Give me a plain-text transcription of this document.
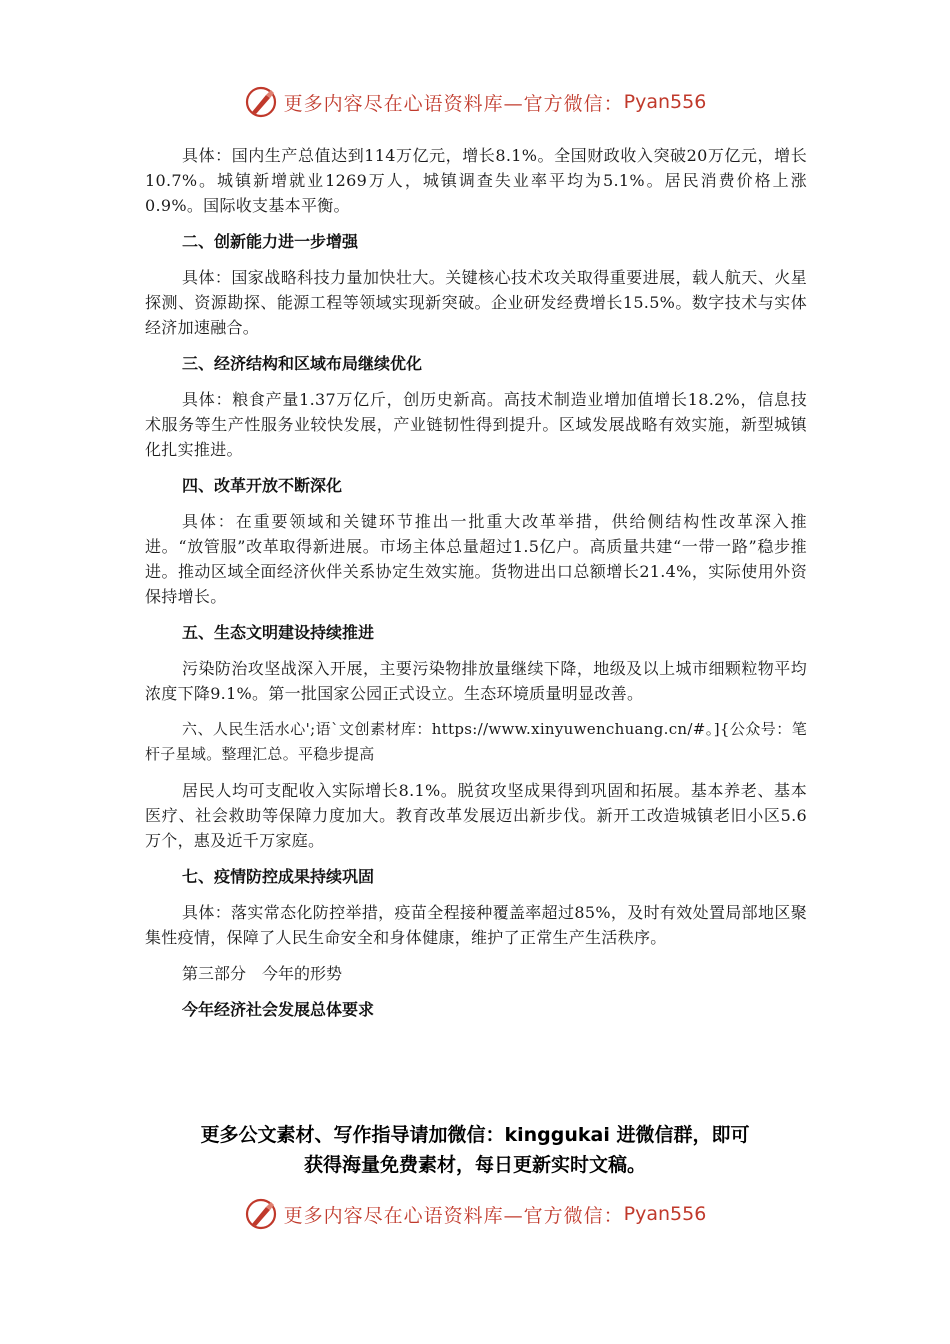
更多内容尽在心语资料库—官方微信： Pyan556

具体：国内生产总值达到114万亿元，增长8.1%。全国财政收入突破20万亿元，增长10.7%。城镇新增就业1269万人，城镇调查失业率平均为5.1%。居民消费价格上涨0.9%。国际收支基本平衡。

二、创新能力进一步增强

具体：国家战略科技力量加快壮大。关键核心技术攻关取得重要进展，载人航天、火星探测、资源勘探、能源工程等领域实现新突破。企业研发经费增长15.5%。数字技术与实体经济加速融合。

三、经济结构和区域布局继续优化

具体：粮食产量1.37万亿斤，创历史新高。高技术制造业增加值增长18.2%，信息技术服务等生产性服务业较快发展，产业链韧性得到提升。区域发展战略有效实施，新型城镇化扎实推进。

四、改革开放不断深化

具体：在重要领域和关键环节推出一批重大改革举措，供给侧结构性改革深入推进。“放管服”改革取得新进展。市场主体总量超过1.5亿户。高质量共建“一带一路”稳步推进。推动区域全面经济伙伴关系协定生效实施。货物进出口总额增长21.4%，实际使用外资保持增长。

五、生态文明建设持续推进

污染防治攻坚战深入开展，主要污染物排放量继续下降，地级及以上城市细颗粒物平均浓度下降9.1%。第一批国家公园正式设立。生态环境质量明显改善。

六、人民生活水心';语`文创素材库：https://www.xinyuwenchuang.cn/#。]{公众号：笔杆子星域。整理汇总。平稳步提高

居民人均可支配收入实际增长8.1%。脱贫攻坚成果得到巩固和拓展。基本养老、基本医疗、社会救助等保障力度加大。教育改革发展迈出新步伐。新开工改造城镇老旧小区5.6万个，惠及近千万家庭。

七、疫情防控成果持续巩固

具体：落实常态化防控举措，疫苗全程接种覆盖率超过85%，及时有效处置局部地区聚集性疫情，保障了人民生命安全和身体健康，维护了正常生产生活秩序。

第三部分　今年的形势

今年经济社会发展总体要求

更多公文素材、写作指导请加微信：kinggukai 进微信群，即可
获得海量免费素材，每日更新实时文稿。
更多内容尽在心语资料库—官方微信： Pyan556
